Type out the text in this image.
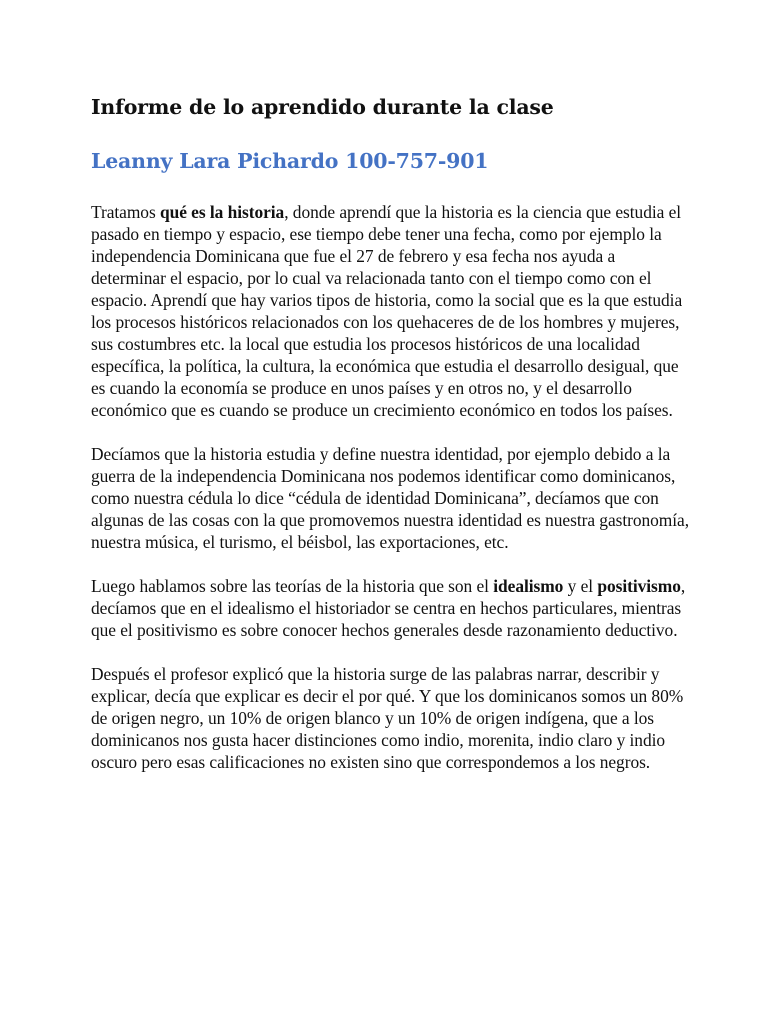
Informe de lo aprendido durante la clase
Leanny Lara Pichardo 100-757-901

Tratamos qué es la historia, donde aprendí que la historia es la ciencia que estudia el pasado en tiempo y espacio, ese tiempo debe tener una fecha, como por ejemplo la independencia Dominicana que fue el 27 de febrero y esa fecha nos ayuda a determinar el espacio, por lo cual va relacionada tanto con el tiempo como con el espacio. Aprendí que hay varios tipos de historia, como la social que es la que estudia los procesos históricos relacionados con los quehaceres de de los hombres y mujeres, sus costumbres etc. la local que estudia los procesos históricos de una localidad específica, la política, la cultura, la económica que estudia el desarrollo desigual, que es cuando la economía se produce en unos países y en otros no, y el desarrollo económico que es cuando se produce un crecimiento económico en todos los países.

Decíamos que la historia estudia y define nuestra identidad, por ejemplo debido a la guerra de la independencia Dominicana nos podemos identificar como dominicanos, como nuestra cédula lo dice “cédula de identidad Dominicana”, decíamos que con algunas de las cosas con la que promovemos nuestra identidad es nuestra gastronomía, nuestra música, el turismo, el béisbol, las exportaciones, etc.

Luego hablamos sobre las teorías de la historia que son el idealismo y el positivismo, decíamos que en el idealismo el historiador se centra en hechos particulares, mientras que el positivismo es sobre conocer hechos generales desde razonamiento deductivo.

Después el profesor explicó que la historia surge de las palabras narrar, describir y explicar, decía que explicar es decir el por qué. Y que los dominicanos somos un 80% de origen negro, un 10% de origen blanco y un 10% de origen indígena, que a los dominicanos nos gusta hacer distinciones como indio, morenita, indio claro y indio oscuro pero esas calificaciones no existen sino que correspondemos a los negros.
